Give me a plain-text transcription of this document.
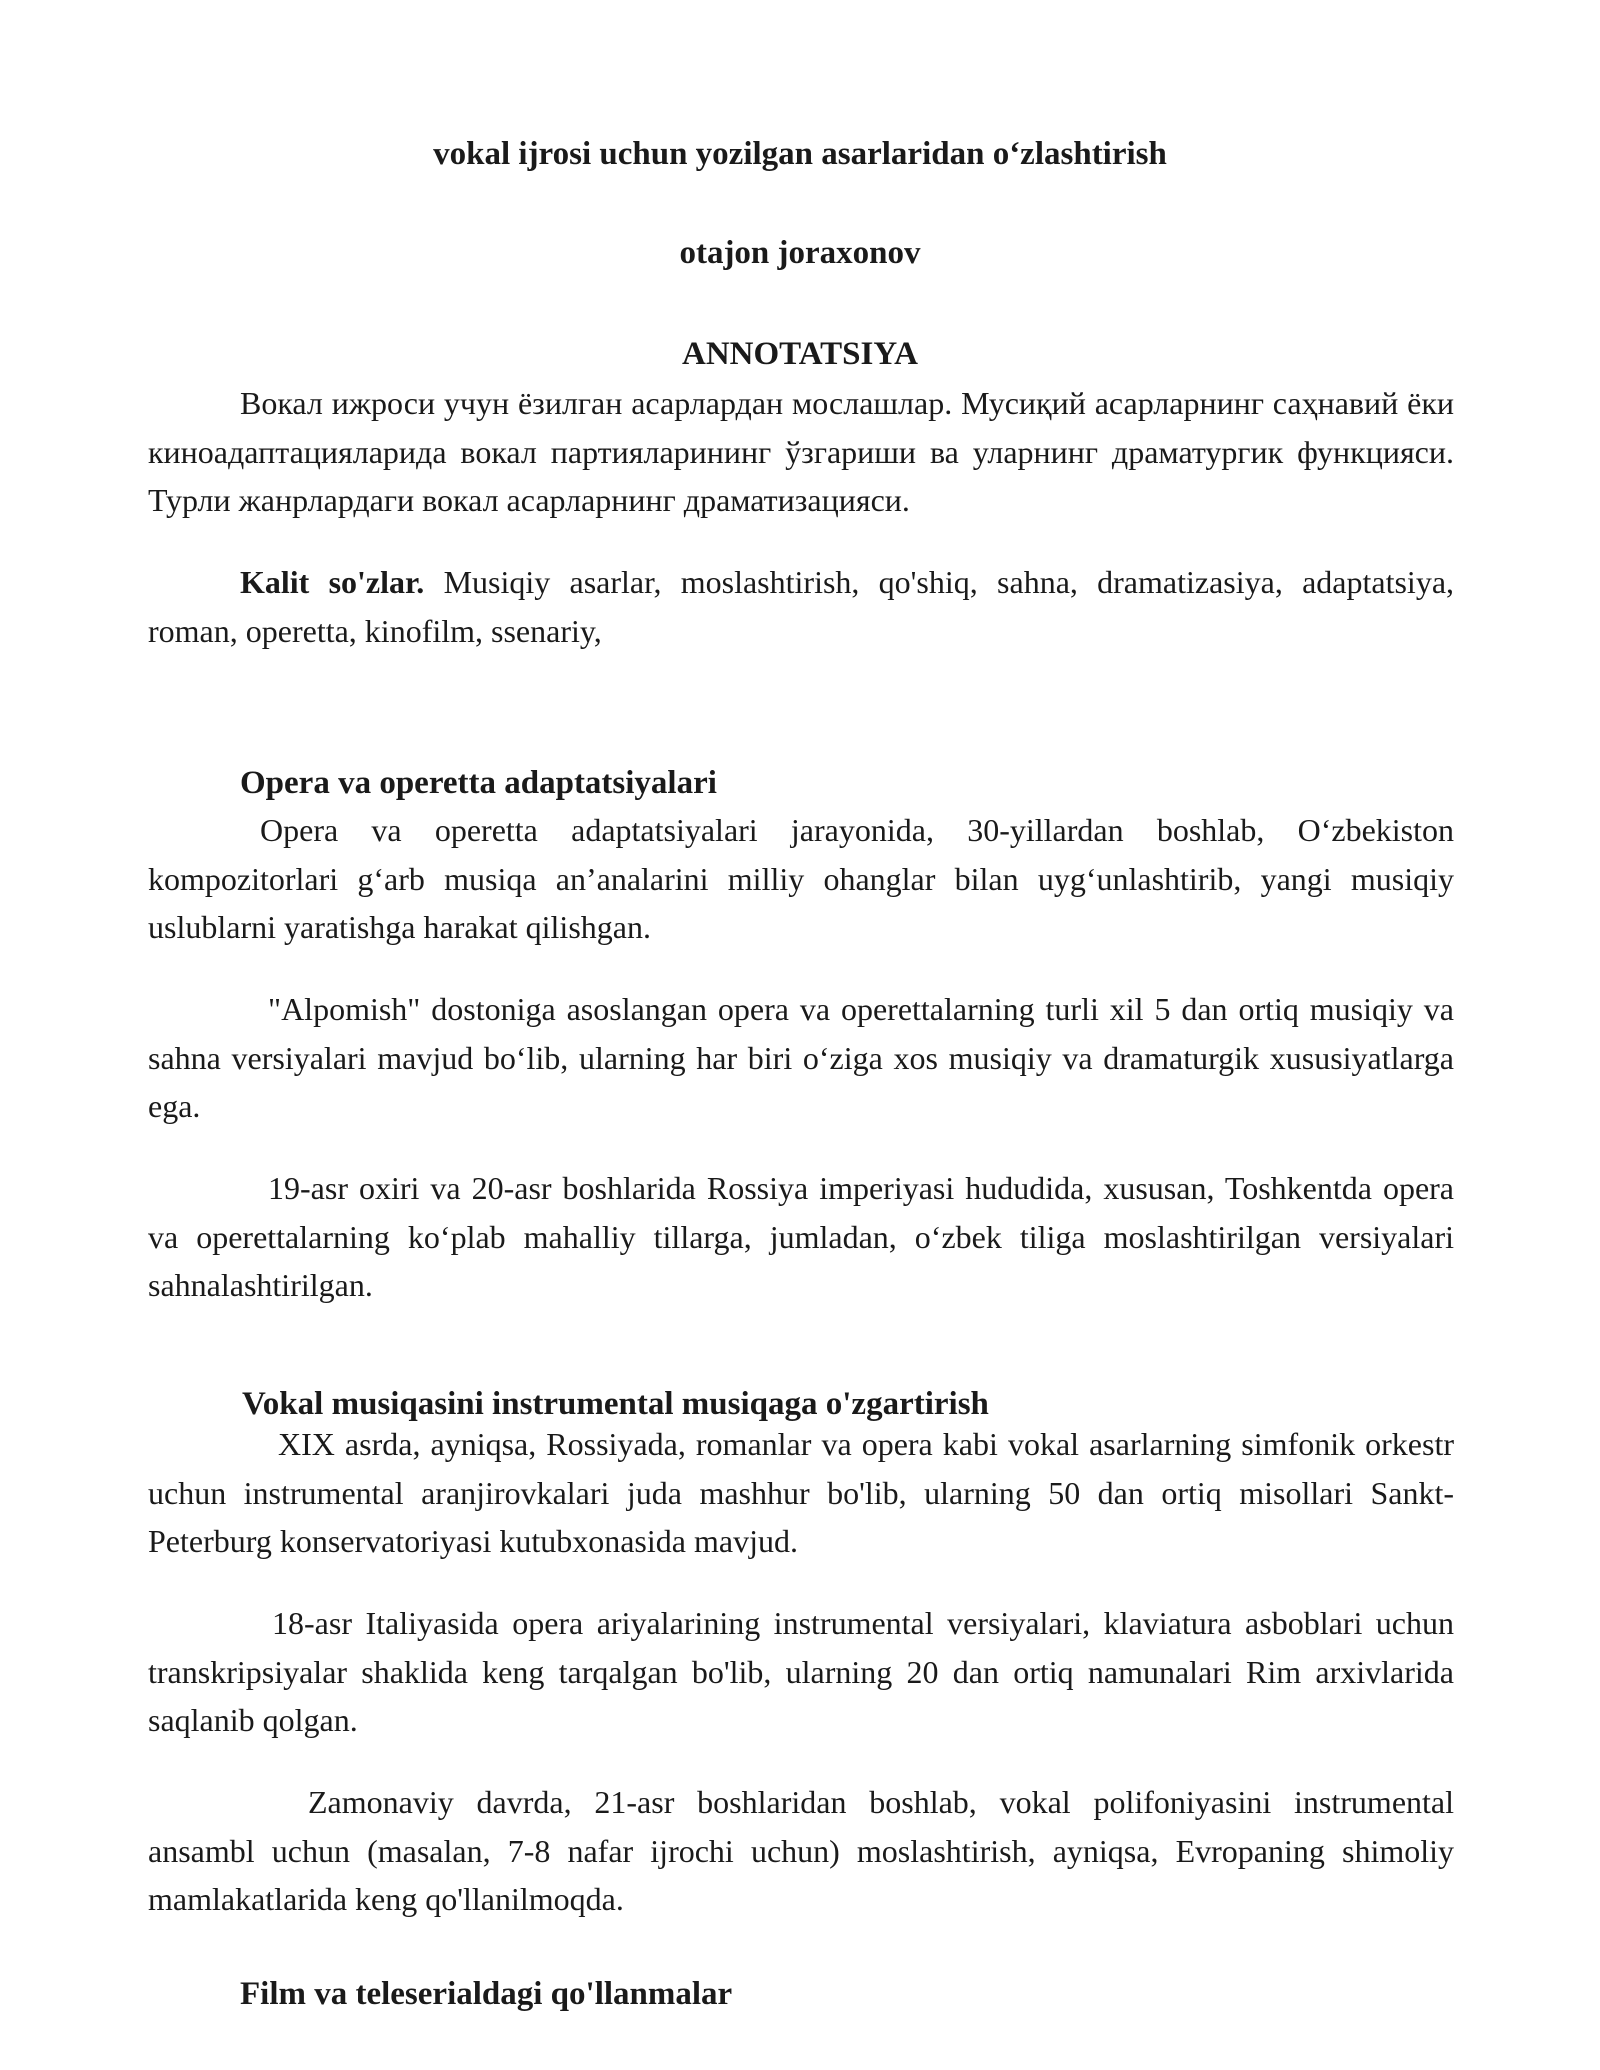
vokal ijrosi uchun yozilgan asarlaridan o‘zlashtirish

otajon joraxonov

ANNOTATSIYA

Вокал ижроси учун ёзилган асарлардан мослашлар. Мусиқий асарларнинг саҳнавий ёки киноадаптацияларида вокал партияларининг ўзгариши ва уларнинг драматургик функцияси. Турли жанрлардаги вокал асарларнинг драматизацияси.

Kalit so'zlar. Musiqiy asarlar, moslashtirish, qo'shiq, sahna, dramatizasiya, adaptatsiya, roman, operetta, kinofilm, ssenariy,

Opera va operetta adaptatsiyalari

Opera va operetta adaptatsiyalari jarayonida, 30-yillardan boshlab, O‘zbekiston kompozitorlari g‘arb musiqa an’analarini milliy ohanglar bilan uyg‘unlashtirib, yangi musiqiy uslublarni yaratishga harakat qilishgan.

"Alpomish" dostoniga asoslangan opera va operettalarning turli xil 5 dan ortiq musiqiy va sahna versiyalari mavjud bo‘lib, ularning har biri o‘ziga xos musiqiy va dramaturgik xususiyatlarga ega.

19-asr oxiri va 20-asr boshlarida Rossiya imperiyasi hududida, xususan, Toshkentda opera va operettalarning ko‘plab mahalliy tillarga, jumladan, o‘zbek tiliga moslashtirilgan versiyalari sahnalashtirilgan.

Vokal musiqasini instrumental musiqaga o'zgartirish

XIX asrda, ayniqsa, Rossiyada, romanlar va opera kabi vokal asarlarning simfonik orkestr uchun instrumental aranjirovkalari juda mashhur bo'lib, ularning 50 dan ortiq misollari Sankt-Peterburg konservatoriyasi kutubxonasida mavjud.

18-asr Italiyasida opera ariyalarining instrumental versiyalari, klaviatura asboblari uchun transkripsiyalar shaklida keng tarqalgan bo'lib, ularning 20 dan ortiq namunalari Rim arxivlarida saqlanib qolgan.

Zamonaviy davrda, 21-asr boshlaridan boshlab, vokal polifoniyasini instrumental ansambl uchun (masalan, 7-8 nafar ijrochi uchun) moslashtirish, ayniqsa, Evropaning shimoliy mamlakatlarida keng qo'llanilmoqda.

Film va teleserialdagi qo'llanmalar
